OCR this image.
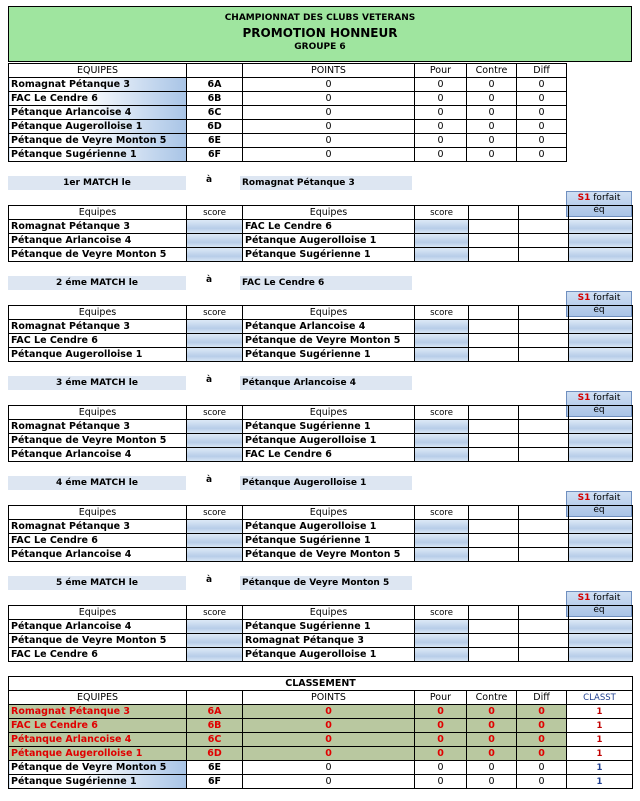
CHAMPIONNAT DES CLUBS VETERANS
PROMOTION HONNEUR
GROUPE 6
EQUIPES		POINTS	Pour	Contre	Diff
Romagnat Pétanque 3	6A	0	0	0	0
FAC Le Cendre 6	6B	0	0	0	0
Pétanque Arlancoise 4	6C	0	0	0	0
Pétanque Augerolloise 1	6D	0	0	0	0
Pétanque de Veyre Monton 5	6E	0	0	0	0
Pétanque Sugérienne 1	6F	0	0	0	0
1er MATCH le	à	Romagnat Pétanque 3
S1 forfait
éq
Equipes	score	Equipes	score			
Romagnat Pétanque 3		FAC Le Cendre 6				
Pétanque Arlancoise 4		Pétanque Augerolloise 1				
Pétanque de Veyre Monton 5		Pétanque Sugérienne 1				
2 éme MATCH le	à	FAC Le Cendre 6
S1 forfait
éq
Equipes	score	Equipes	score			
Romagnat Pétanque 3		Pétanque Arlancoise 4				
FAC Le Cendre 6		Pétanque de Veyre Monton 5				
Pétanque Augerolloise 1		Pétanque Sugérienne 1				
3 éme MATCH le	à	Pétanque Arlancoise 4
S1 forfait
éq
Equipes	score	Equipes	score			
Romagnat Pétanque 3		Pétanque Sugérienne 1				
Pétanque de Veyre Monton 5		Pétanque Augerolloise 1				
Pétanque Arlancoise 4		FAC Le Cendre 6				
4 éme MATCH le	à	Pétanque Augerolloise 1
S1 forfait
éq
Equipes	score	Equipes	score			
Romagnat Pétanque 3		Pétanque Augerolloise 1				
FAC Le Cendre 6		Pétanque Sugérienne 1				
Pétanque Arlancoise 4		Pétanque de Veyre Monton 5				
5 éme MATCH le	à	Pétanque de Veyre Monton 5
S1 forfait
éq
Equipes	score	Equipes	score			
Pétanque Arlancoise 4		Pétanque Sugérienne 1				
Pétanque de Veyre Monton 5		Romagnat Pétanque 3				
FAC Le Cendre 6		Pétanque Augerolloise 1				
CLASSEMENT						
EQUIPES		POINTS	Pour	Contre	Diff	CLASST
Romagnat Pétanque 3	6A	0	0	0	0	1
FAC Le Cendre 6	6B	0	0	0	0	1
Pétanque Arlancoise 4	6C	0	0	0	0	1
Pétanque Augerolloise 1	6D	0	0	0	0	1
Pétanque de Veyre Monton 5	6E	0	0	0	0	1
Pétanque Sugérienne 1	6F	0	0	0	0	1
